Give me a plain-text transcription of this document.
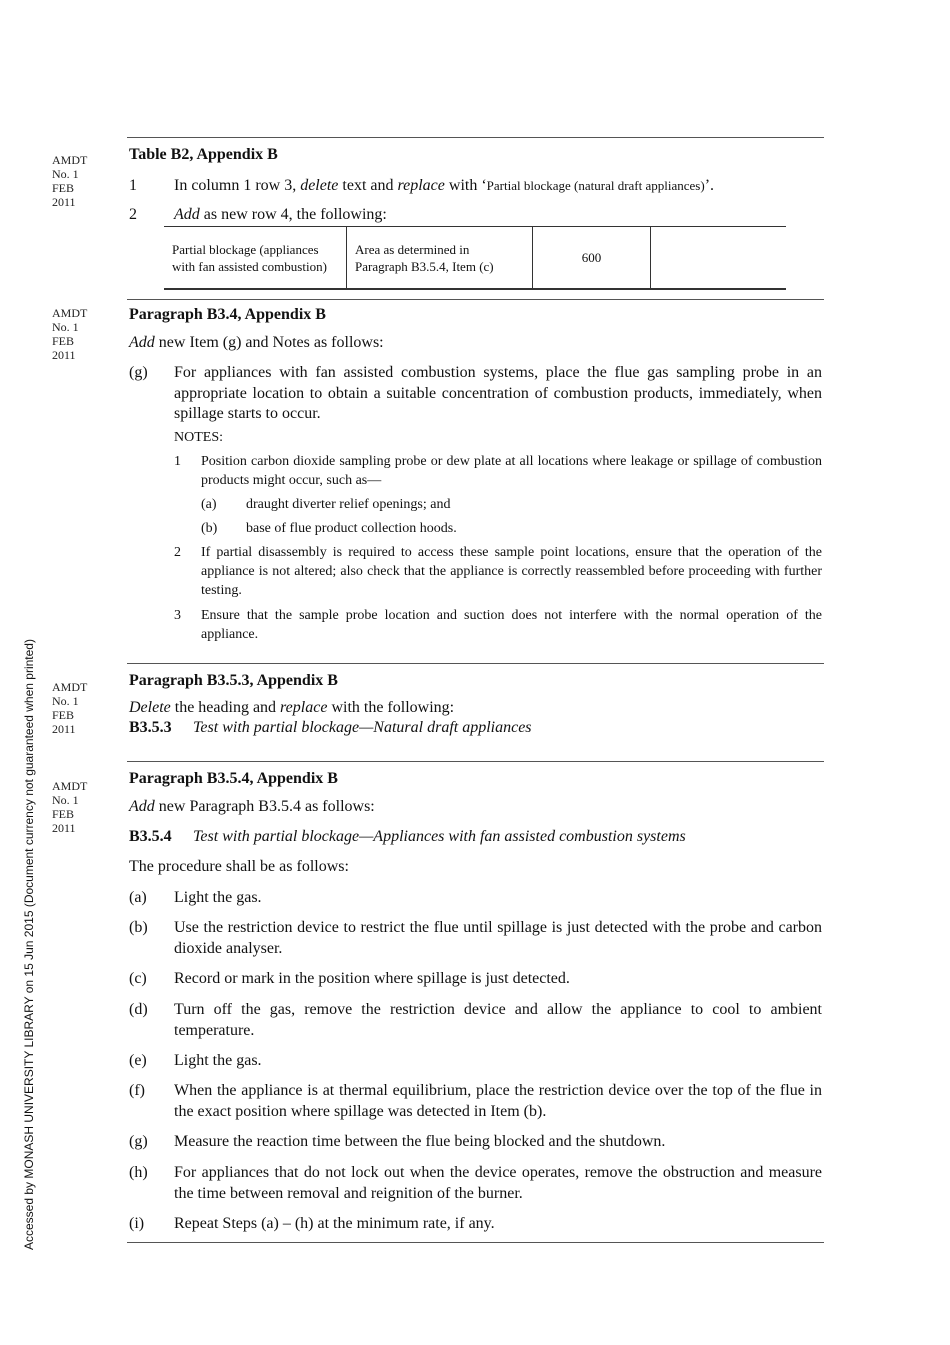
Accessed by MONASH UNIVERSITY LIBRARY on 15 Jun 2015 (Document currency not guaranteed when printed)
AMDT
No. 1
FEB
2011
AMDT
No. 1
FEB
2011
AMDT
No. 1
FEB
2011
AMDT
No. 1
FEB
2011
Table B2, Appendix B
1 In column 1 row 3, delete text and replace with ‘Partial blockage (natural draft appliances)’.
2 Add as new row 4, the following:
Partial blockage (appliances with fan assisted combustion)	Area as determined in Paragraph B3.5.4, Item (c)	600	
Paragraph B3.4, Appendix B
Add new Item (g) and Notes as follows:
(g) For appliances with fan assisted combustion systems, place the flue gas sampling probe in an appropriate location to obtain a suitable concentration of combustion products, immediately, when spillage starts to occur.
NOTES:
1 Position carbon dioxide sampling probe or dew plate at all locations where leakage or spillage of combustion products might occur, such as—
(a) draught diverter relief openings; and
(b) base of flue product collection hoods.
2 If partial disassembly is required to access these sample point locations, ensure that the operation of the appliance is not altered; also check that the appliance is correctly reassembled before proceeding with further testing.
3 Ensure that the sample probe location and suction does not interfere with the normal operation of the appliance.
Paragraph B3.5.3, Appendix B
Delete the heading and replace with the following:
B3.5.3 Test with partial blockage—Natural draft appliances
Paragraph B3.5.4, Appendix B
Add new Paragraph B3.5.4 as follows:
B3.5.4 Test with partial blockage—Appliances with fan assisted combustion systems
The procedure shall be as follows:
(a) Light the gas.
(b) Use the restriction device to restrict the flue until spillage is just detected with the probe and carbon dioxide analyser.
(c) Record or mark in the position where spillage is just detected.
(d) Turn off the gas, remove the restriction device and allow the appliance to cool to ambient temperature.
(e) Light the gas.
(f) When the appliance is at thermal equilibrium, place the restriction device over the top of the flue in the exact position where spillage was detected in Item (b).
(g) Measure the reaction time between the flue being blocked and the shutdown.
(h) For appliances that do not lock out when the device operates, remove the obstruction and measure the time between removal and reignition of the burner.
(i) Repeat Steps (a) – (h) at the minimum rate, if any.
